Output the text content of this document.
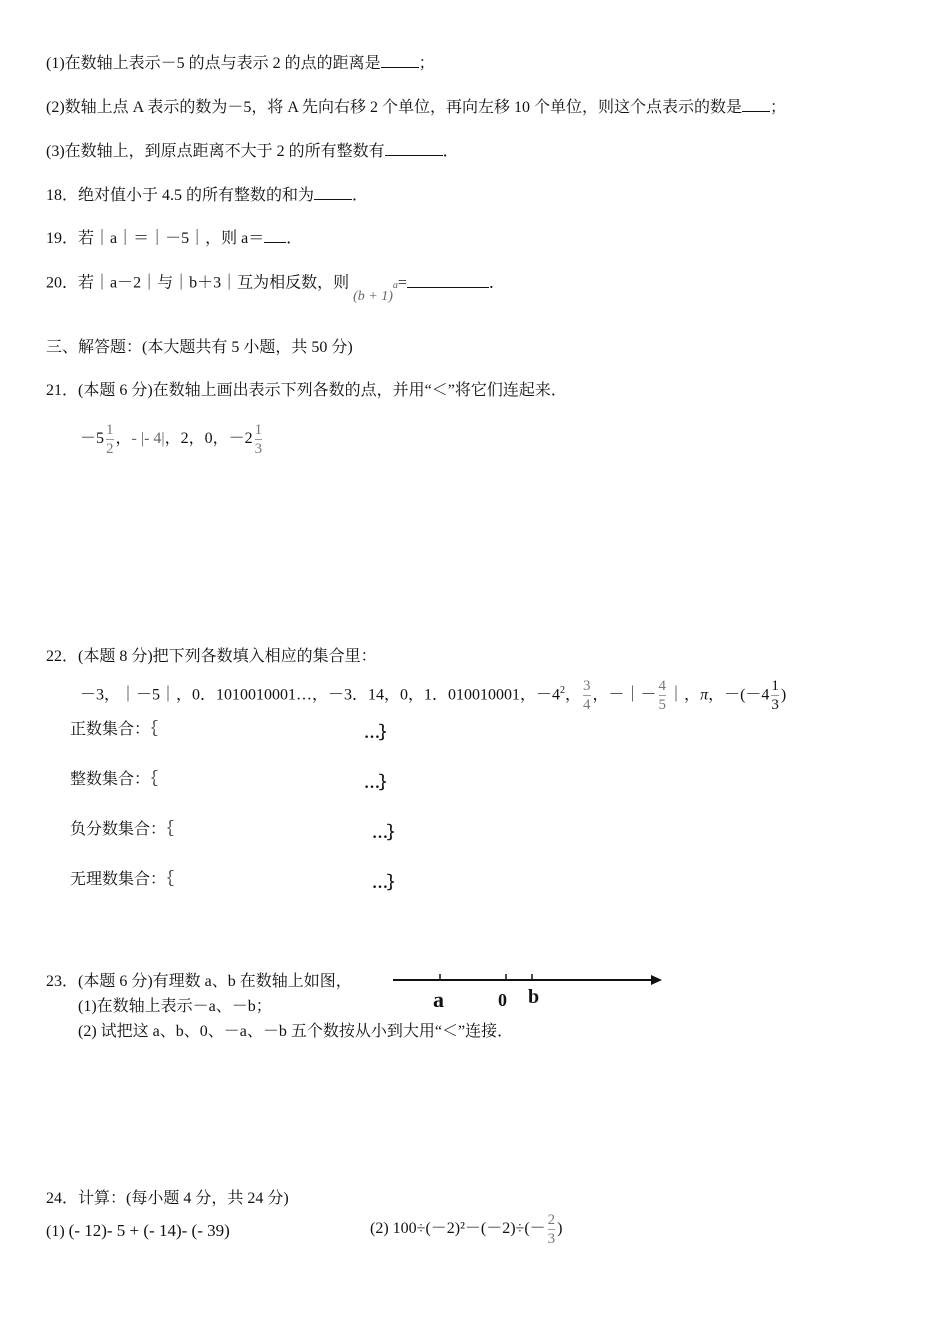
(1)在数轴上表示－5 的点与表示 2 的点的距离是 ；
(2)数轴上点 A 表示的数为－5，将 A 先向右移 2 个单位，再向左移 10 个单位，则这个点表示的数是 ；
(3)在数轴上，到原点距离不大于 2 的所有整数有	．
18．绝对值小于 4.5 的所有整数的和为 ．
19．若｜a｜＝｜－5｜，则 a＝ ．
20．若｜a－2｜与｜b＋3｜互为相反数，则 $(b + 1)^a=$	．
三、解答题：(本大题共有 5 小题，共 50 分)
21．(本题 6 分)在数轴上画出表示下列各数的点，并用“＜”将它们连起来．
$-5 \frac{1}{2}$ ，- |- 4|，2，0，$-2 \frac{1}{3}$
22．(本题 8 分)把下列各数填入相应的集合里：
－3，｜－5｜，0．1010010001…，－3．14，0，1．010010001，$-4^2$， $\frac{3}{4}$ ，－｜－ $\frac{4}{5}$ ｜，π，$-(-4 \frac{1}{3}$ )
正数集合：｛	…｝
整数集合：｛	…｝
负分数集合：｛	…｝
无理数集合：｛	…｝
23．(本题 6 分)有理数 a、b 在数轴上如图，
(1)在数轴上表示－a、－b；
(2) 试把这 a、b、0、－a、－b 五个数按从小到大用“＜”连接．
a	0 b
24．计算：(每小题 4 分，共 24 分)
(1) (- 12)- 5 + (- 14)- (- 39)	(2) $100\div(-2)^2-(-2)\div(- \frac{2}{3}$ )
